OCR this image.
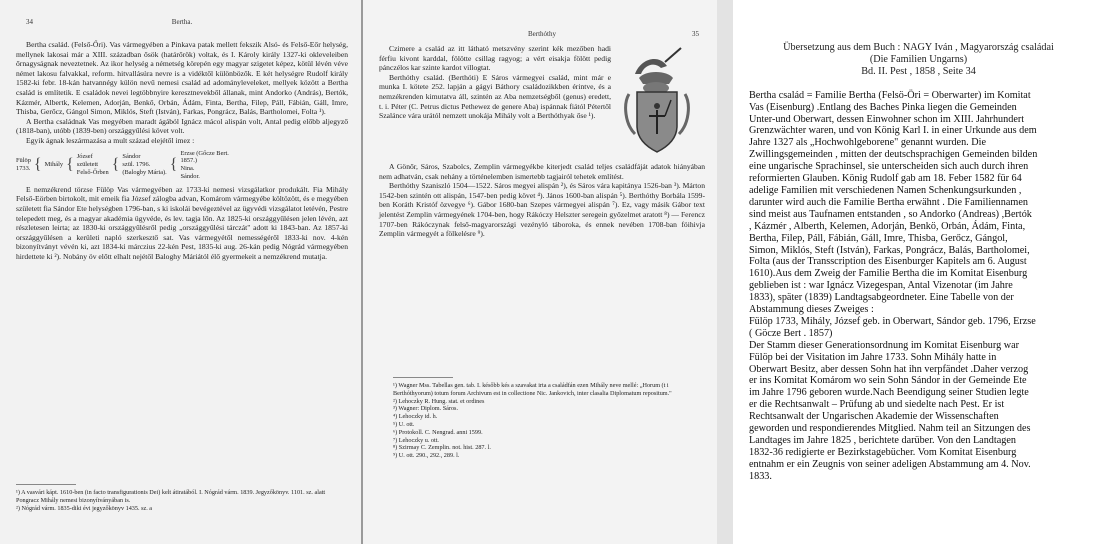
34	Bertha.

Bertha család. (Felső-Őri). Vas vármegyében a Pinkava patak mellett fekszik Alsó- és Felső-Eőr helység, mellynek lakosai már a XIII. században ősök (határőrök) voltak, és I. Károly király 1327-ki okleveleiben őrnagyságnak neveztetnek. Az ikor helység a németség körepén egy magyar szigetet képez, kötül lévén véve német lakosu falvakkal, reform. hitvallásúra nevre is a vidéktől különbözők. E két helységre Rudolf király 1582-ki febr. 18-kán hatvannégy külön nevű nemesi család ad adományleveleket, mellyek között a Bertha család is említetik. E családok nevei legtöbbnyire keresztnevekből állanak, mint Andorko (András), Bertók, Kázmér, Albertk, Kelemen, Adorján, Benkő, Orbán, Ádám, Finta, Bertha, Filep, Páll, Fábián, Gáll, Imre, Thisba, Gerőcz, Gángol Simon, Miklós, Steft (István), Farkas, Pongrácz, Balás, Bartholomei, Folta ¹).

A Bertha családnak Vas megyében maradt ágából Ignácz mácol alispán volt, Antal pedig előbb aljegyző (1818-ban), utóbb (1839-ben) országgyűlési követ volt.

Egyik ágnak leszármazása a mult század elejétől imez :

Fülöp
1733. { Mihály { József
született
Felső-Őrben { Sándor
szül. 1796.
(Balogby Mária). {
Erzse (Gőcze Bert.
1857.)
Nina.
Sándor.

E nemzékrend törzse Fülöp Vas vármegyében az 1733-ki nemesi vizsgálatkor produkált. Fia Mihály Felső-Eörben birtokolt, mit emeik fia József zálogba advan, Komárom vármegyébe költözött, és e megyében született fia Sándor Ete helységben 1796-ban, s ki iskolái bevégeztével az ügyvédi vizsgálatot letévén, Pestre telepedett meg, és a magyar akadémia ügyvéde, és lev. tagja lőn. Az 1825-ki országgyűlésen jelen lévén, azt részletesen leirta; az 1830-ki országgyűlésről pedig „országgyűlési tárczát" adott ki 1843-ban. Az 1857-ki országgyűlésen a kerületi napló szerkesztő sat. Vas vármegyétől nemességéről 1833-ki nov. 4-kén bizonyítványt vévén ki, azt 1834-ki márczius 22-kén Pest, 1835-ki aug. 26-kán pedig Nógrád vármegyében hirdettete ki ²). Nobány öv előtt elhalt nejétől Baloghy Máriától élő gyermekeit a nemzékrend mutatja.

¹) A vasvári kápt. 1610-ben (in facto transfigurationis Dei) kelt átiratából. I. Nógrád várm. 1839. Jegyzőkönyv. 1101. sz. alatt Pongracz Mihály nemesi bizonyítványában is.
²) Nógrád várm. 1835-diki évi jegyzőkönyv 1435. sz. a
Berthóthy	35

Czimere a család az itt látható metszvény szerint kék mezőben hadi férfiu kivont karddal, fölötte csillag ragyog; a vért eisakja fölött pedig pánczélos kar szinte kardot villogtat.

Berthóthy család. (Berthóti) E Sáros vármegyei család, mint már e munka I. kötete 252. lapján a gágyi Báthory családozikkben érintve, és a nemzékrenden kimutatva áll, szintén az Aba nemzetségből (genus) eredett, t. i. Péter (C. Petrus dictus Pethewez de genere Aba) ispánnak fiától Pétertől Szalánce vára urától nemzett unokája Mihály volt a Berthóthyak őse ¹).

A Gönőr, Sáros, Szabolcs, Zemplin vármegyékbe kiterjedt család teljes családfáját adatok hiányában nem adhatván, csak nehány a történelemben ismertebb tagjairól tehetek említést.

Berthóthy Szaniszló 1504—1522. Sáros megyei alispán ²), és Sáros vára kapitánya 1526-ban ³). Márton 1542-ben szintén ott alispán, 1547-ben pedig követ ⁴). János 1600-ban alispán ⁵). Berthóthy Borbála 1599-ben Koráth Kristóf özvegye ⁶). Gábor 1680-ban Szepes vármegyei alispán ⁷). Ez, vagy másik Gábor text jelentést Zemplin vármegyének 1704-ben, hogy Rákóczy Helszter seregein győzelmet aratott ⁸) — Ferencz 1707-ben Rákóczynak felső-magyarországi vezényló táboroka, és ennek nevében 1708-ban föihivja Zemplin vármegyét a fölkelésre ⁹).

¹) Wagner Mss. Tabellas gen. tab. I. később kés a szavakat irta a családfán ezen Mihály neve mellé: „Horum (t i Berthóthyorum) totum forum Archivum est in collectione Nic. Jankovich, inter clasalia Diplomatum repositum."
²) Lehoczky R. Hung. stat. et ordines
³) Wagner: Diplom. Sáros.
⁴) Lehoczky id. h.
⁵) U. ott.
⁶) Protokoll. C. Nengrad. anni 1599.
⁷) Lehoczky u. ott.
⁸) Szirmay C. Zemplin. not. hist. 287. l.
⁹) U. ott. 290., 292., 289. l.
Übersetzung aus dem Buch : NAGY Iván , Magyarország családai
(Die Familien Ungarns)
Bd. II. Pest , 1858 , Seite 34

Bertha család = Familie Bertha (Felsö-Öri = Oberwarter) im Komitat

Vas (Eisenburg) .Entlang des Baches Pinka liegen die Gemeinden

Unter-und Oberwart, dessen Einwohner schon im XIII. Jahrhundert

Grenzwächter waren, und von König Karl I. in einer Urkunde aus dem

Jahre 1327 als „Hochwohlgeborene" genannt wurden. Die

Zwillingsgemeinden , mitten der deutschsprachigen Gemeinden bilden

eine ungarische Sprachinsel, sie unterscheiden sich auch durch ihren

reformierten Glauben. König Rudolf gab am 18. Feber 1582 für 64

adelige Familien mit verschiedenen Namen Schenkungsurkunden ,

darunter wird auch die Familie Bertha erwähnt . Die Familiennamen

sind meist aus Taufnamen entstanden , so Andorko (Andreas) ,Bertók

, Kázmér , Alberth, Kelemen, Adorján, Benkö, Orbán, Ádám, Finta,

Bertha, Filep, Páll, Fábián, Gáll, Imre, Thisba, Gerőcz, Gángol,

Simon, Miklós, Steft (István), Farkas, Pongrácz, Balás, Bartholomei,

Folta (aus der Transscription des Eisenburger Kapitels am 6. August

1610).Aus dem Zweig der Familie Bertha die im Komitat Eisenburg

geblieben ist : war Ignácz Vizegespan, Antal Vizenotar (im Jahre

1833), später (1839) Landtagsabgeordneter. Eine Tabelle von der

Abstammung dieses Zweiges :

Fülöp 1733, Mihály, József geb. in Oberwart, Sándor geb. 1796, Erzse

( Göcze Bert . 1857)

Der Stamm dieser Generationsordnung im Komitat Eisenburg war

Fülöp bei der Visitation im Jahre 1733. Sohn Mihály hatte in

Oberwart Besitz, aber dessen Sohn hat ihn verpfändet .Daher verzog

er ins Komitat Komárom wo sein Sohn Sándor in der Gemeinde Ete

im Jahre 1796 geboren wurde.Nach Beendigung seiner Studien legte

er die Rechtsanwalt – Prüfung ab und siedelte nach Pest. Er ist

Rechtsanwalt der Ungarischen Akademie der Wissenschaften

geworden und respondierendes Mitglied. Nahm teil an Sitzungen des

Landtages im Jahre 1825 , berichtete darüber. Von den Landtagen

1832-36 redigierte er Bezirkstagebücher. Vom Komitat Eisenburg

entnahm er ein Zeugnis von seiner adeligen Abstammung am 4. Nov.

1833.
